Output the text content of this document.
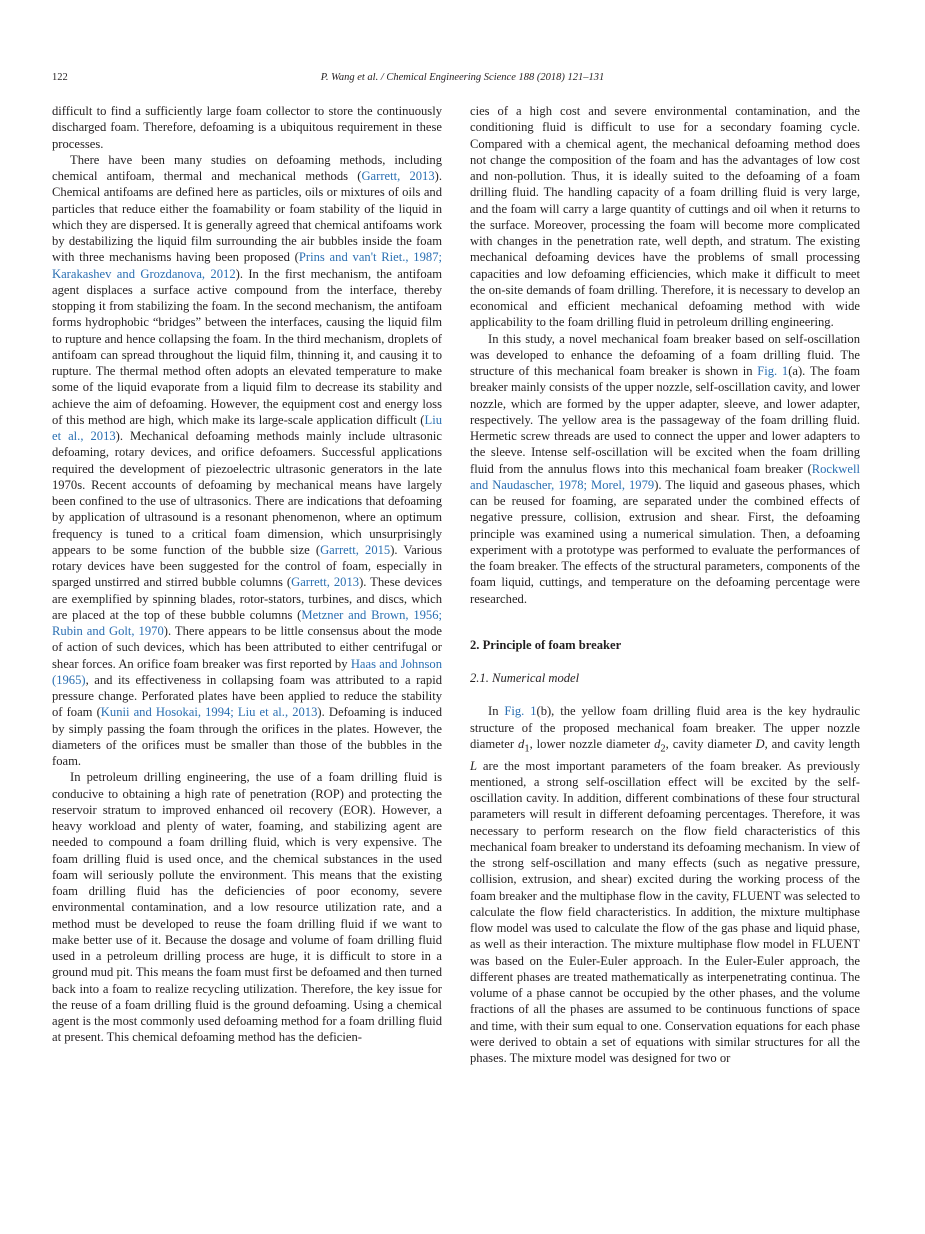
122	P. Wang et al. / Chemical Engineering Science 188 (2018) 121–131

difficult to find a sufficiently large foam collector to store the continuously discharged foam. Therefore, defoaming is a ubiquitous requirement in these processes.

There have been many studies on defoaming methods, including chemical antifoam, thermal and mechanical methods (Garrett, 2013). Chemical antifoams are defined here as particles, oils or mixtures of oils and particles that reduce either the foamability or foam stability of the liquid in which they are dispersed. It is generally agreed that chemical antifoams work by destabilizing the liquid film surrounding the air bubbles inside the foam with three mechanisms having been proposed (Prins and van't Riet., 1987; Karakashev and Grozdanova, 2012). In the first mechanism, the antifoam agent displaces a surface active compound from the interface, thereby stopping it from stabilizing the foam. In the second mechanism, the antifoam forms hydrophobic “bridges” between the interfaces, causing the liquid film to rupture and hence collapsing the foam. In the third mechanism, droplets of antifoam can spread throughout the liquid film, thinning it, and causing it to rupture. The thermal method often adopts an elevated temperature to make some of the liquid evaporate from a liquid film to decrease its stability and achieve the aim of defoaming. However, the equipment cost and energy loss of this method are high, which make its large-scale application difficult (Liu et al., 2013). Mechanical defoaming methods mainly include ultrasonic defoaming, rotary devices, and orifice defoamers. Successful applications required the development of piezoelectric ultrasonic generators in the late 1970s. Recent accounts of defoaming by mechanical means have largely been confined to the use of ultrasonics. There are indications that defoaming by application of ultrasound is a resonant phenomenon, where an optimum frequency is tuned to a critical foam dimension, which unsurprisingly appears to be some function of the bubble size (Garrett, 2015). Various rotary devices have been suggested for the control of foam, especially in sparged unstirred and stirred bubble columns (Garrett, 2013). These devices are exemplified by spinning blades, rotor-stators, turbines, and discs, which are placed at the top of these bubble columns (Metzner and Brown, 1956; Rubin and Golt, 1970). There appears to be little consensus about the mode of action of such devices, which has been attributed to either centrifugal or shear forces. An orifice foam breaker was first reported by Haas and Johnson (1965), and its effectiveness in collapsing foam was attributed to a rapid pressure change. Perforated plates have been applied to reduce the stability of foam (Kunii and Hosokai, 1994; Liu et al., 2013). Defoaming is induced by simply passing the foam through the orifices in the plates. However, the diameters of the orifices must be smaller than those of the bubbles in the foam.

In petroleum drilling engineering, the use of a foam drilling fluid is conducive to obtaining a high rate of penetration (ROP) and protecting the reservoir stratum to improved enhanced oil recovery (EOR). However, a heavy workload and plenty of water, foaming, and stabilizing agent are needed to compound a foam drilling fluid, which is very expensive. The foam drilling fluid is used once, and the chemical substances in the used foam will seriously pollute the environment. This means that the existing foam drilling fluid has the deficiencies of poor economy, severe environmental contamination, and a low resource utilization rate, and a method must be developed to reuse the foam drilling fluid if we want to make better use of it. Because the dosage and volume of foam drilling fluid used in a petroleum drilling process are huge, it is difficult to store in a ground mud pit. This means the foam must first be defoamed and then turned back into a foam to realize recycling utilization. Therefore, the key issue for the reuse of a foam drilling fluid is the ground defoaming. Using a chemical agent is the most commonly used defoaming method for a foam drilling fluid at present. This chemical defoaming method has the deficien-

cies of a high cost and severe environmental contamination, and the conditioning fluid is difficult to use for a secondary foaming cycle. Compared with a chemical agent, the mechanical defoaming method does not change the composition of the foam and has the advantages of low cost and non-pollution. Thus, it is ideally suited to the defoaming of a foam drilling fluid. The handling capacity of a foam drilling fluid is very large, and the foam will carry a large quantity of cuttings and oil when it returns to the surface. Moreover, processing the foam will become more complicated with changes in the penetration rate, well depth, and stratum. The existing mechanical defoaming devices have the problems of small processing capacities and low defoaming efficiencies, which make it difficult to meet the on-site demands of foam drilling. Therefore, it is necessary to develop an economical and efficient mechanical defoaming method with wide applicability to the foam drilling fluid in petroleum drilling engineering.

In this study, a novel mechanical foam breaker based on self-oscillation was developed to enhance the defoaming of a foam drilling fluid. The structure of this mechanical foam breaker is shown in Fig. 1(a). The foam breaker mainly consists of the upper nozzle, self-oscillation cavity, and lower nozzle, which are formed by the upper adapter, sleeve, and lower adapter, respectively. The yellow area is the passageway of the foam drilling fluid. Hermetic screw threads are used to connect the upper and lower adapters to the sleeve. Intense self-oscillation will be excited when the foam drilling fluid from the annulus flows into this mechanical foam breaker (Rockwell and Naudascher, 1978; Morel, 1979). The liquid and gaseous phases, which can be reused for foaming, are separated under the combined effects of negative pressure, collision, extrusion and shear. First, the defoaming principle was examined using a numerical simulation. Then, a defoaming experiment with a prototype was performed to evaluate the performances of the foam breaker. The effects of the structural parameters, components of the foam liquid, cuttings, and temperature on the defoaming percentage were researched.

2. Principle of foam breaker
2.1. Numerical model

In Fig. 1(b), the yellow foam drilling fluid area is the key hydraulic structure of the proposed mechanical foam breaker. The upper nozzle diameter $d_1$, lower nozzle diameter $d_2$, cavity diameter D, and cavity length L are the most important parameters of the foam breaker. As previously mentioned, a strong self-oscillation effect will be excited by the self-oscillation cavity. In addition, different combinations of these four structural parameters will result in different defoaming percentages. Therefore, it was necessary to perform research on the flow field characteristics of this mechanical foam breaker to understand its defoaming mechanism. In view of the strong self-oscillation and many effects (such as negative pressure, collision, extrusion, and shear) excited during the working process of the foam breaker and the multiphase flow in the cavity, FLUENT was selected to calculate the flow field characteristics. In addition, the mixture multiphase flow model was used to calculate the flow of the gas phase and liquid phase, as well as their interaction. The mixture multiphase flow model in FLUENT was based on the Euler-Euler approach. In the Euler-Euler approach, the different phases are treated mathematically as interpenetrating continua. The volume of a phase cannot be occupied by the other phases, and the volume fractions of all the phases are assumed to be continuous functions of space and time, with their sum equal to one. Conservation equations for each phase were derived to obtain a set of equations with similar structures for all the phases. The mixture model was designed for two or
